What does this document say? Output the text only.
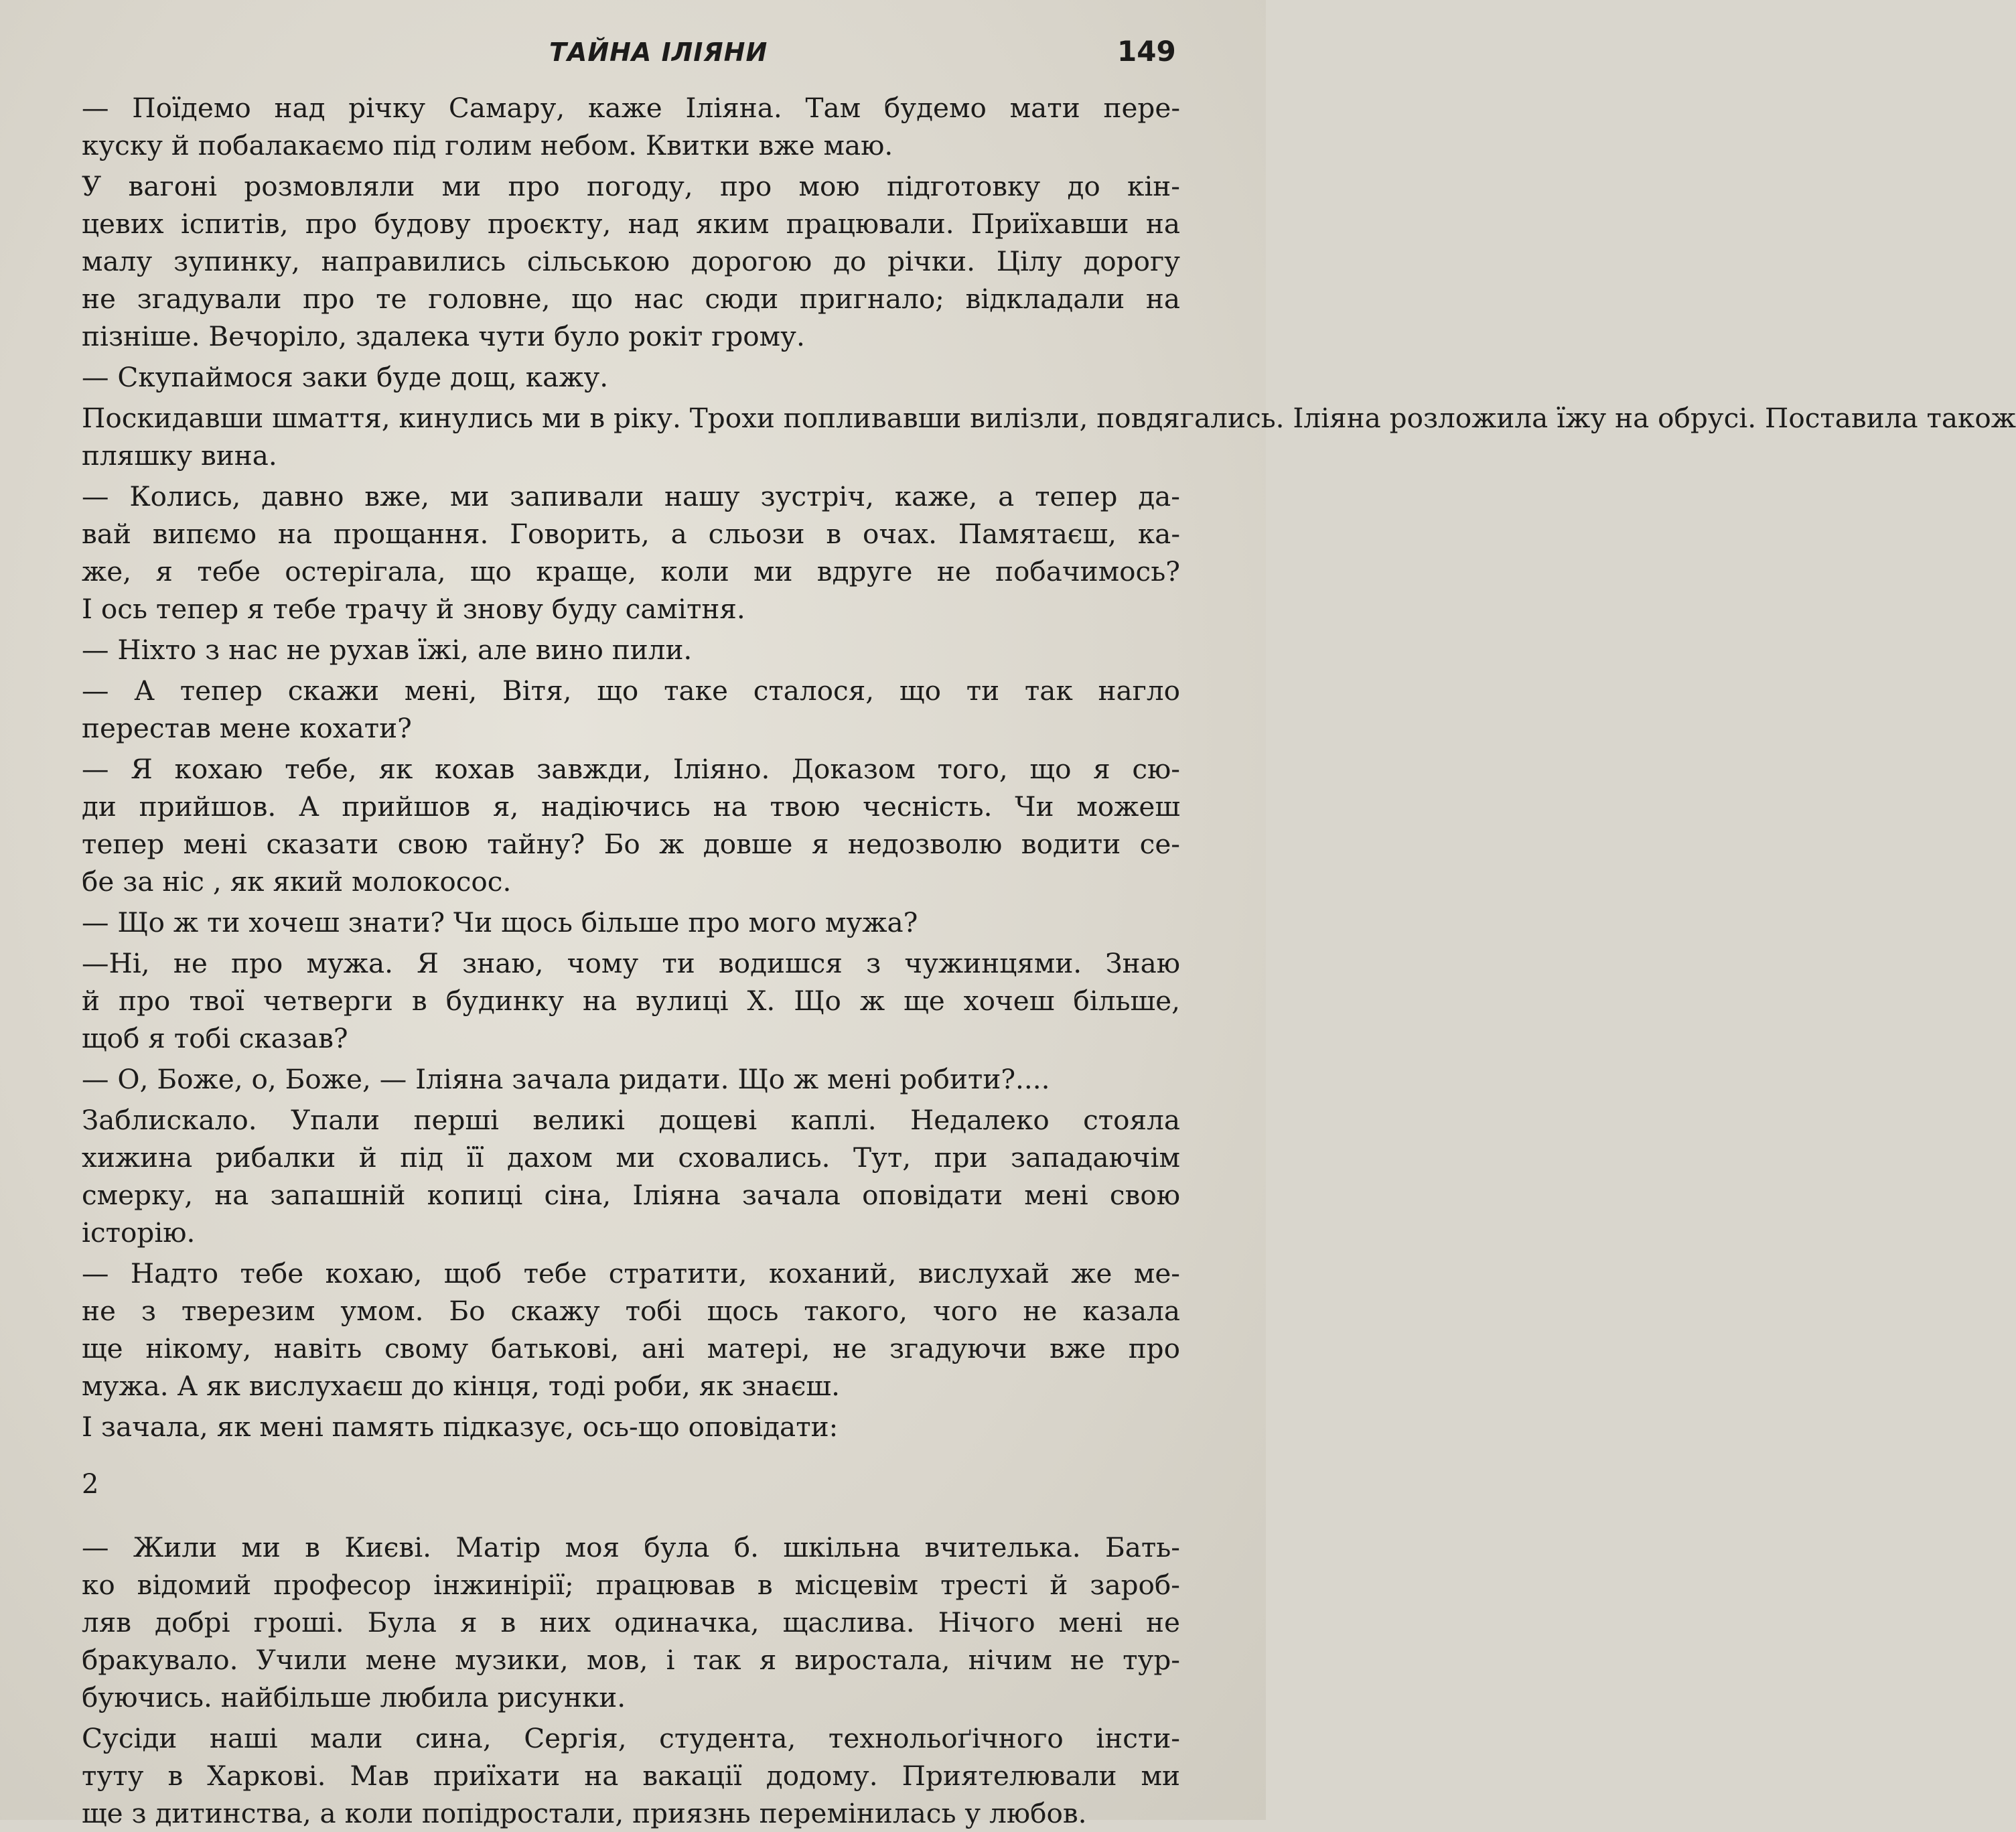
ТАЙНА ІЛІЯНИ	149

— Поїдемо над річку Самару, каже Іліяна. Там будемо мати пере-
куску й побалакаємо під голим небом. Квитки вже маю.

У вагоні розмовляли ми про погоду, про мою підготовку до кін-
цевих іспитів, про будову проєкту, над яким працювали. Приїхавши на
малу зупинку, направились сільською дорогою до річки. Цілу дорогу
не згадували про те головне, що нас сюди пригнало; відкладали на
пізніше. Вечоріло, здалека чути було рокіт грому.

— Скупаймося заки буде дощ, кажу.

Поскидавши шмаття, кинулись ми в ріку. Трохи попливавши вилізли, повдягались. Іліяна розложила їжу на обрусі. Поставила також
пляшку вина.

— Колись, давно вже, ми запивали нашу зустріч, каже, а тепер да-
вай випємо на прощання. Говорить, а сльози в очах. Памятаєш, ка-
же, я тебе остерігала, що краще, коли ми вдруге не побачимось?
І ось тепер я тебе трачу й знову буду самітня.

— Ніхто з нас не рухав їжі, але вино пили.

— А тепер скажи мені, Вітя, що таке сталося, що ти так нагло
перестав мене кохати?

— Я кохаю тебе, як кохав завжди, Іліяно. Доказом того, що я сю-
ди прийшов. А прийшов я, надіючись на твою чесність. Чи можеш
тепер мені сказати свою тайну? Бо ж довше я недозволю водити се-
бе за ніс , як який молокосос.

— Що ж ти хочеш знати? Чи щось більше про мого мужа?

—Ні, не про мужа. Я знаю, чому ти водишся з чужинцями. Знаю
й про твої четверги в будинку на вулиці Х. Що ж ще хочеш більше,
щоб я тобі сказав?

— О, Боже, о, Боже, — Іліяна зачала ридати. Що ж мені робити?....

Заблискало. Упали перші великі дощеві каплі. Недалеко стояла
хижина рибалки й під її дахом ми сховались. Тут, при западаючім
смерку, на запашній копиці сіна, Іліяна зачала оповідати мені свою
історію.

— Надто тебе кохаю, щоб тебе стратити, коханий, вислухай же ме-
не з тверезим умом. Бо скажу тобі щось такого, чого не казала
ще нікому, навіть свому батькові, ані матері, не згадуючи вже про
мужа. А як вислухаєш до кінця, тоді роби, як знаєш.

І зачала, як мені память підказує, ось-що оповідати:

2

— Жили ми в Києві. Матір моя була б. шкільна вчителька. Бать-
ко відомий професор інжинірії; працював в місцевім тресті й зароб-
ляв добрі гроші. Була я в них одиначка, щаслива. Нічого мені не
бракувало. Учили мене музики, мов, і так я виростала, нічим не тур-
буючись. найбільше любила рисунки.

Сусіди наші мали сина, Сергія, студента, технольоґічного інсти-
туту в Харкові. Мав приїхати на вакації додому. Приятелювали ми
ще з дитинства, а коли попідростали, приязнь перемінилась у любов.
